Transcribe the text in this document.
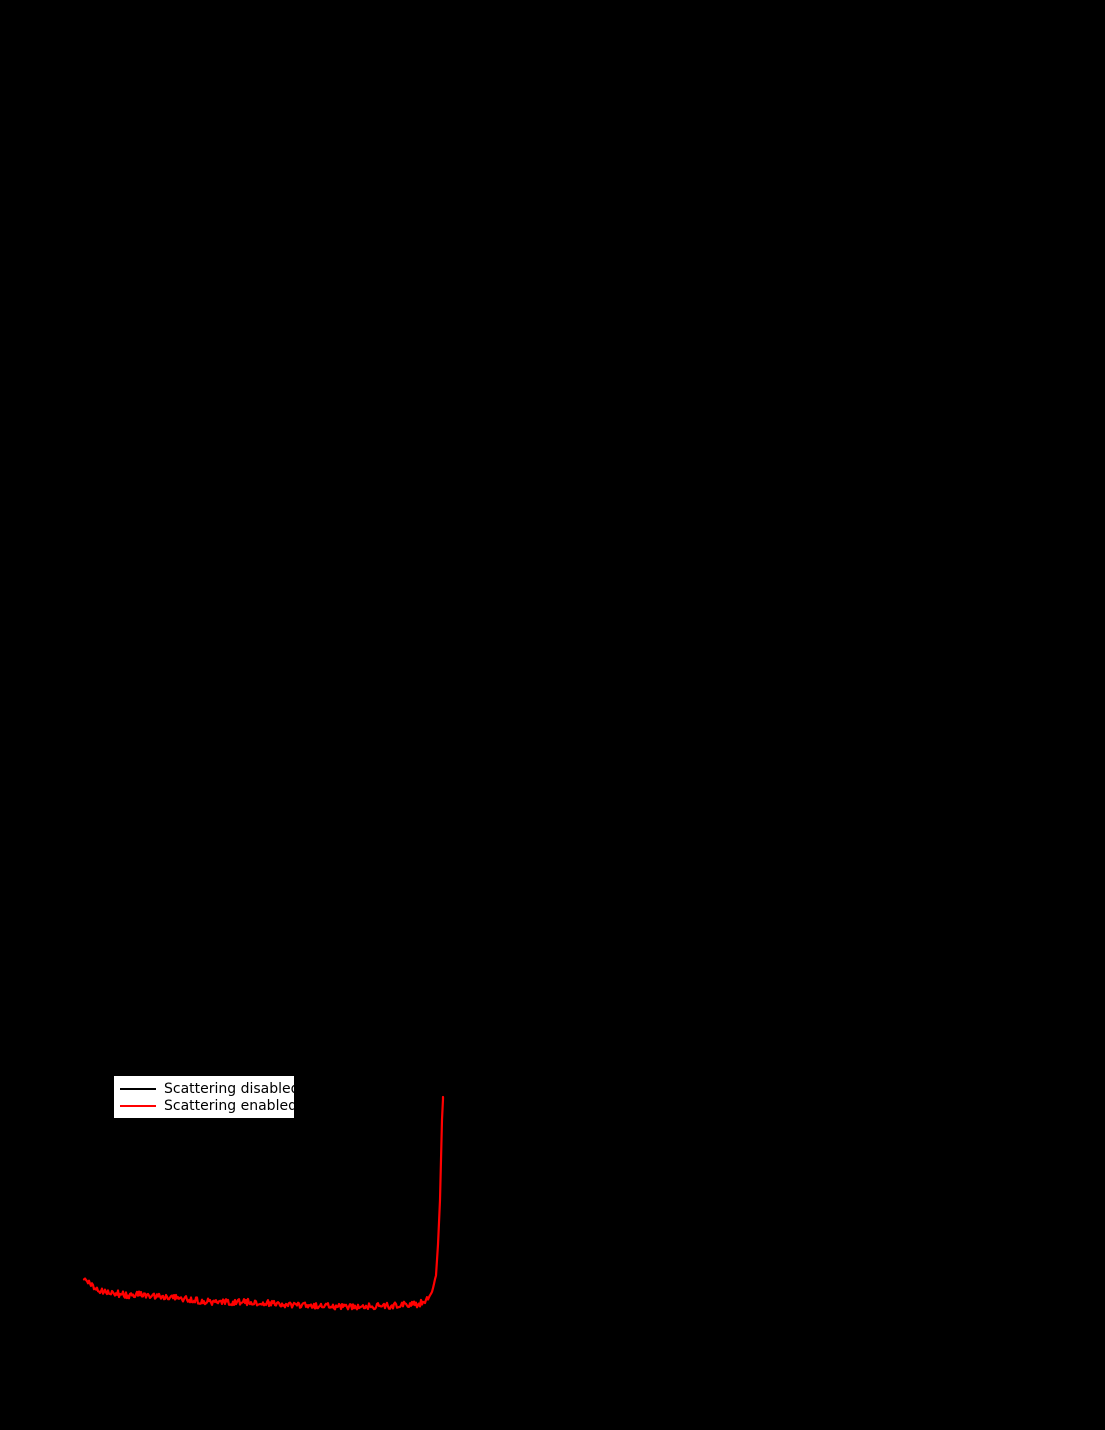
Scattering disabled
Scattering enabled
